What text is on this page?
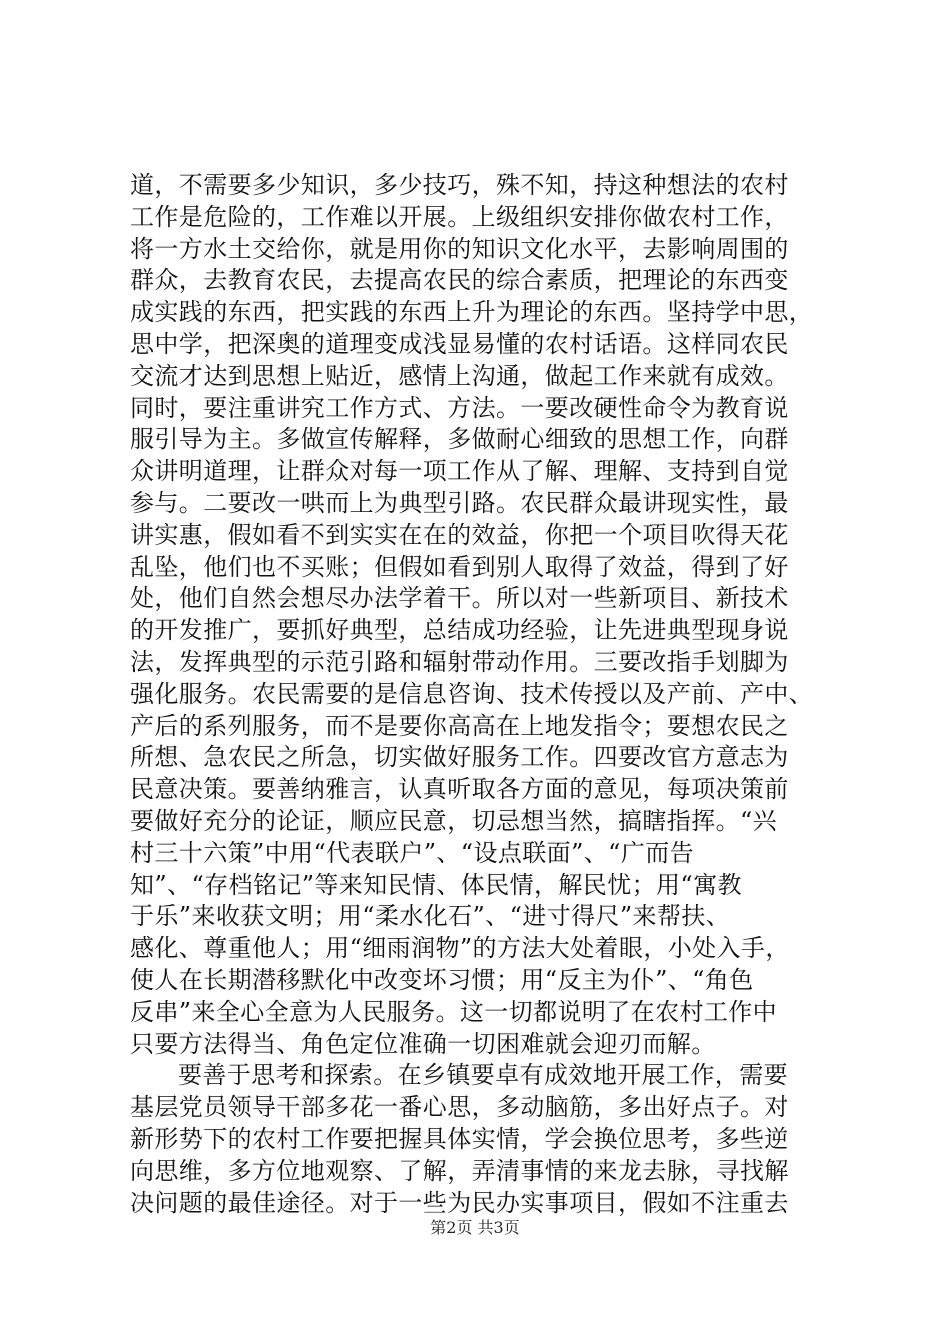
道，不需要多少知识，多少技巧，殊不知，持这种想法的农村
工作是危险的，工作难以开展。上级组织安排你做农村工作，
将一方水土交给你，就是用你的知识文化水平，去影响周围的
群众，去教育农民，去提高农民的综合素质，把理论的东西变
成实践的东西，把实践的东西上升为理论的东西。坚持学中思，
思中学，把深奥的道理变成浅显易懂的农村话语。这样同农民
交流才达到思想上贴近，感情上沟通，做起工作来就有成效。
同时，要注重讲究工作方式、方法。一要改硬性命令为教育说
服引导为主。多做宣传解释，多做耐心细致的思想工作，向群
众讲明道理，让群众对每一项工作从了解、理解、支持到自觉
参与。二要改一哄而上为典型引路。农民群众最讲现实性，最
讲实惠，假如看不到实实在在的效益，你把一个项目吹得天花
乱坠，他们也不买账；但假如看到别人取得了效益，得到了好
处，他们自然会想尽办法学着干。所以对一些新项目、新技术
的开发推广，要抓好典型，总结成功经验，让先进典型现身说
法，发挥典型的示范引路和辐射带动作用。三要改指手划脚为
强化服务。农民需要的是信息咨询、技术传授以及产前、产中、
产后的系列服务，而不是要你高高在上地发指令；要想农民之
所想、急农民之所急，切实做好服务工作。四要改官方意志为
民意决策。要善纳雅言，认真听取各方面的意见，每项决策前
要做好充分的论证，顺应民意，切忌想当然，搞瞎指挥。“兴
村三十六策”中用“代表联户”、“设点联面”、“广而告
知”、“存档铭记”等来知民情、体民情，解民忧；用“寓教
于乐”来收获文明；用“柔水化石”、“进寸得尺”来帮扶、
感化、尊重他人；用“细雨润物”的方法大处着眼，小处入手，
使人在长期潜移默化中改变坏习惯；用“反主为仆”、“角色
反串”来全心全意为人民服务。这一切都说明了在农村工作中
只要方法得当、角色定位准确一切困难就会迎刃而解。
要善于思考和探索。在乡镇要卓有成效地开展工作，需要
基层党员领导干部多花一番心思，多动脑筋，多出好点子。对
新形势下的农村工作要把握具体实情，学会换位思考，多些逆
向思维，多方位地观察、了解，弄清事情的来龙去脉，寻找解
决问题的最佳途径。对于一些为民办实事项目，假如不注重去
第2页 共3页
